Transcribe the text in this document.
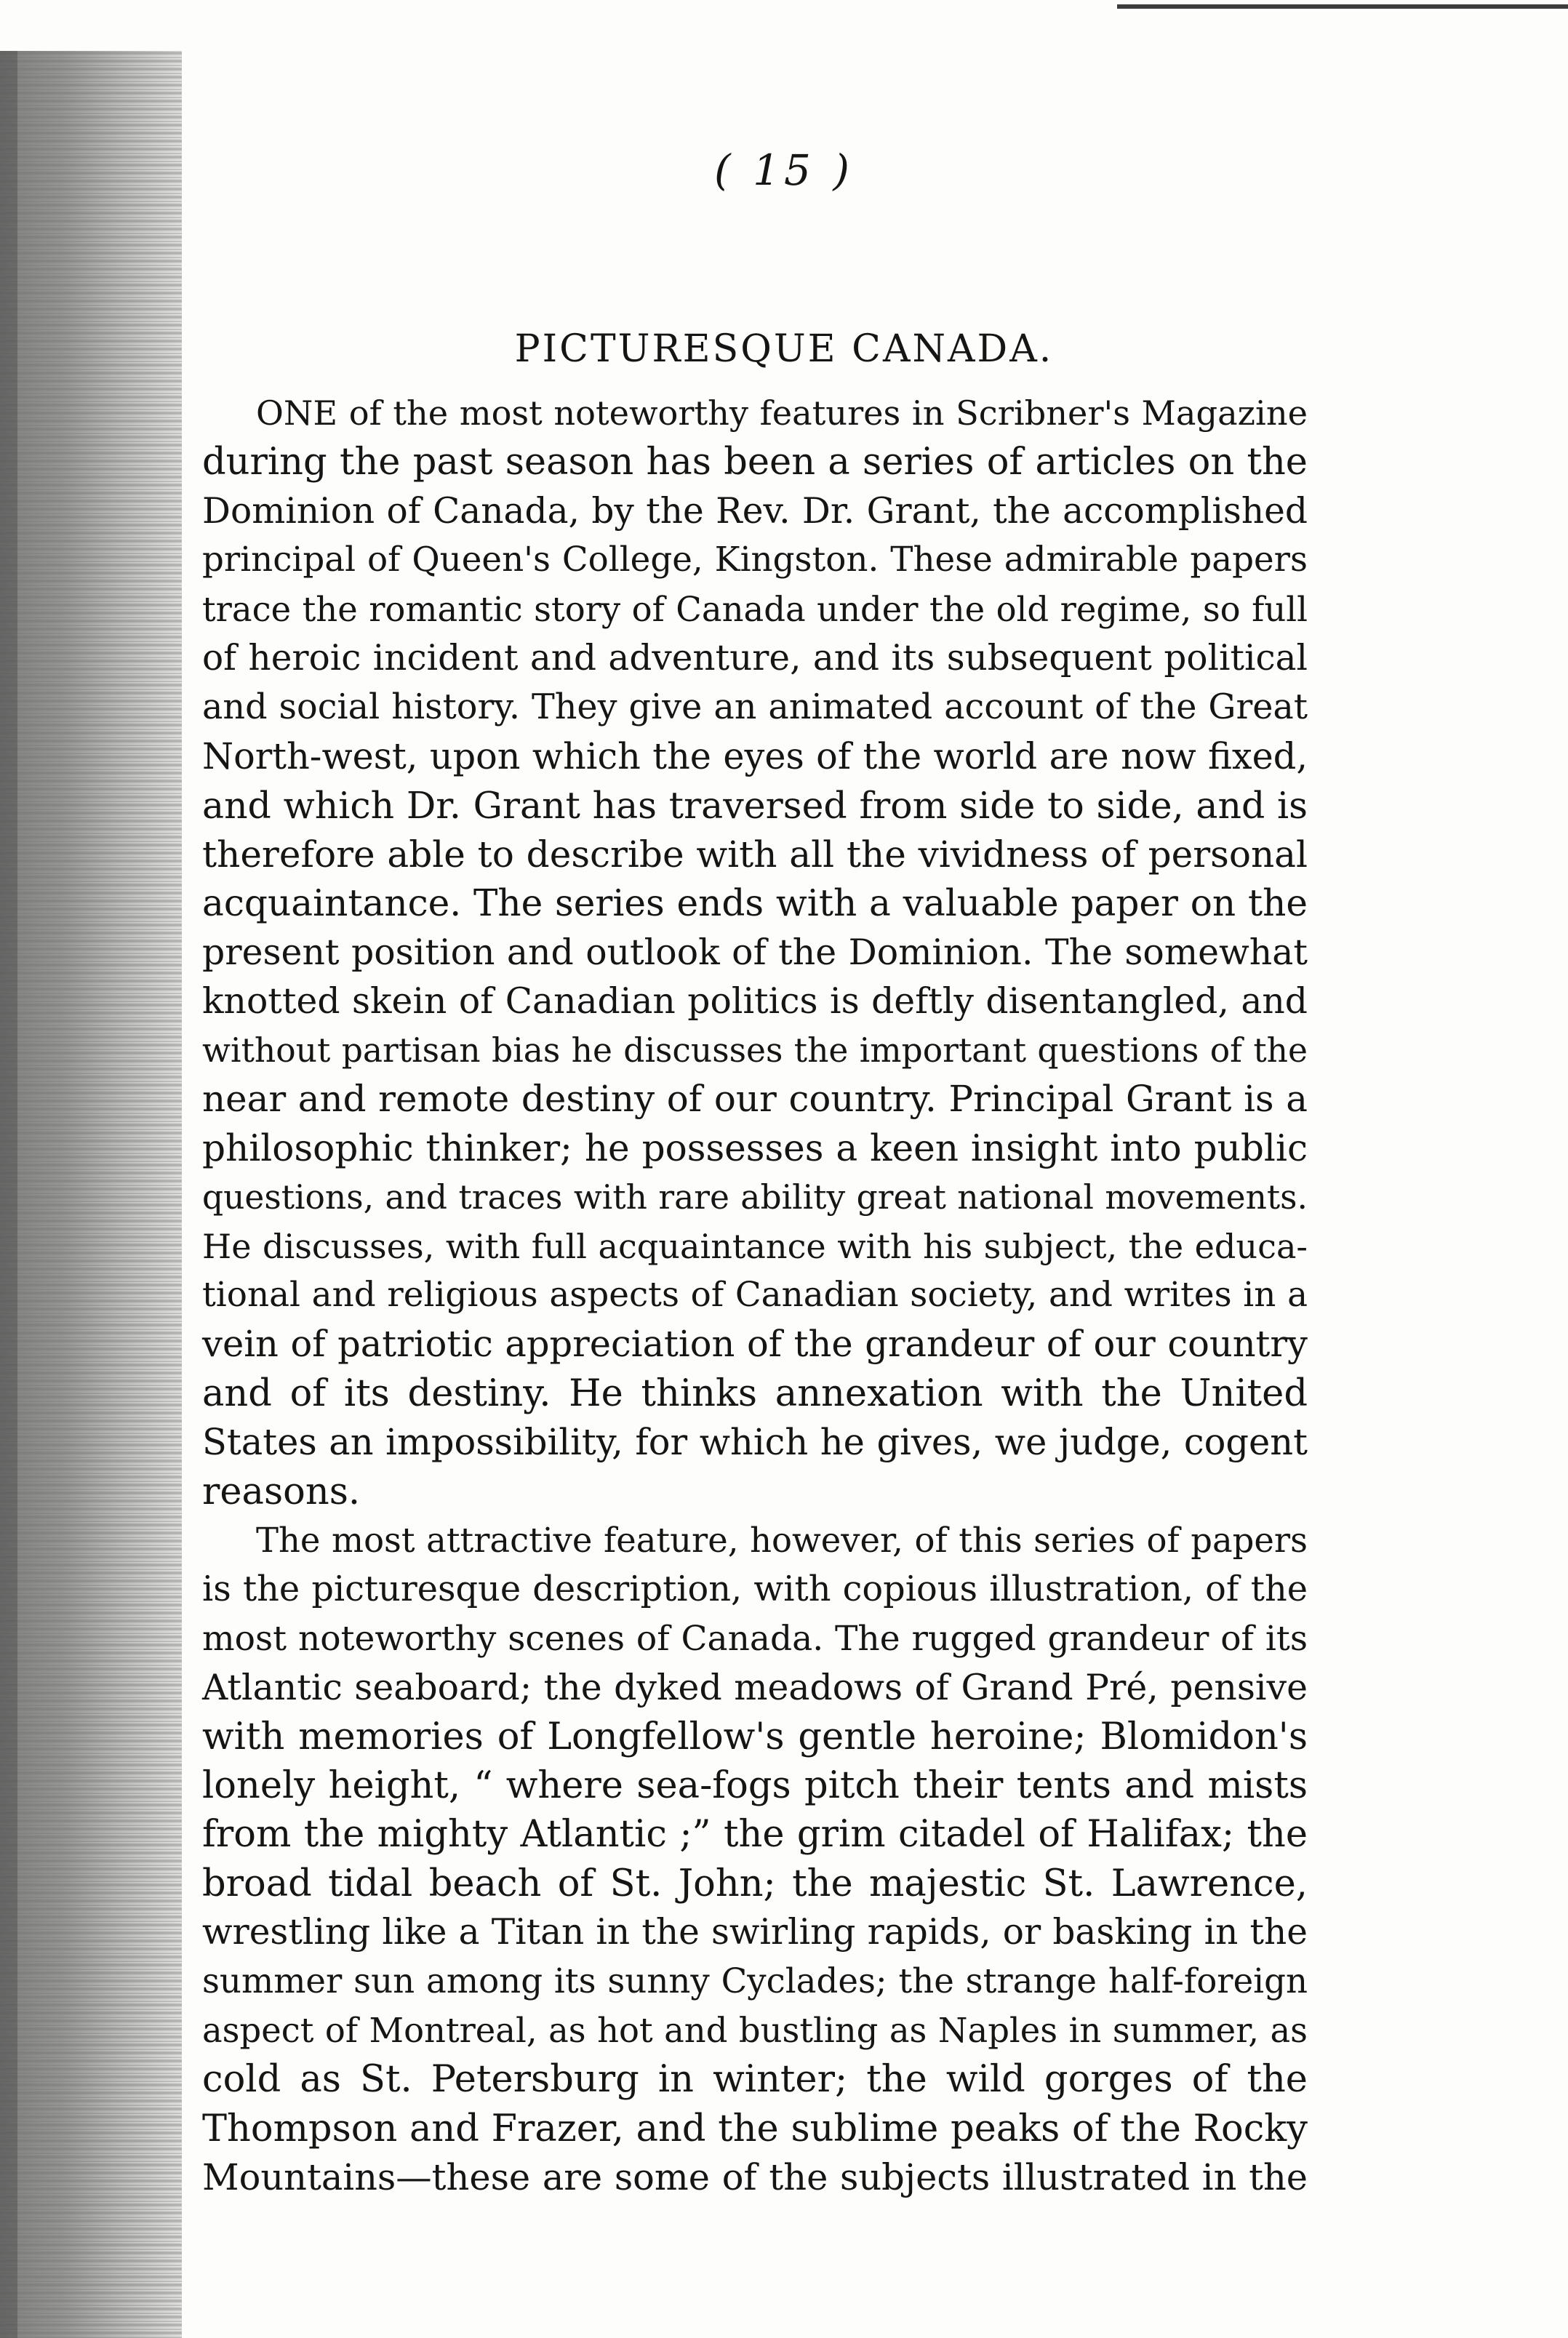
( 15 )
PICTURESQUE CANADA.
ONE of the most noteworthy features in Scribner's Magazine
during the past season has been a series of articles on the
Dominion of Canada, by the Rev. Dr. Grant, the accomplished
principal of Queen's College, Kingston. These admirable papers
trace the romantic story of Canada under the old regime, so full
of heroic incident and adventure, and its subsequent political
and social history. They give an animated account of the Great
North-west, upon which the eyes of the world are now fixed,
and which Dr. Grant has traversed from side to side, and is
therefore able to describe with all the vividness of personal
acquaintance. The series ends with a valuable paper on the
present position and outlook of the Dominion. The somewhat
knotted skein of Canadian politics is deftly disentangled, and
without partisan bias he discusses the important questions of the
near and remote destiny of our country. Principal Grant is a
philosophic thinker; he possesses a keen insight into public
questions, and traces with rare ability great national movements.
He discusses, with full acquaintance with his subject, the educa-
tional and religious aspects of Canadian society, and writes in a
vein of patriotic appreciation of the grandeur of our country
and of its destiny. He thinks annexation with the United
States an impossibility, for which he gives, we judge, cogent
reasons.
The most attractive feature, however, of this series of papers
is the picturesque description, with copious illustration, of the
most noteworthy scenes of Canada. The rugged grandeur of its
Atlantic seaboard; the dyked meadows of Grand Pré, pensive
with memories of Longfellow's gentle heroine; Blomidon's
lonely height, “ where sea-fogs pitch their tents and mists
from the mighty Atlantic ;” the grim citadel of Halifax; the
broad tidal beach of St. John; the majestic St. Lawrence,
wrestling like a Titan in the swirling rapids, or basking in the
summer sun among its sunny Cyclades; the strange half-foreign
aspect of Montreal, as hot and bustling as Naples in summer, as
cold as St. Petersburg in winter; the wild gorges of the
Thompson and Frazer, and the sublime peaks of the Rocky
Mountains—these are some of the subjects illustrated in the
